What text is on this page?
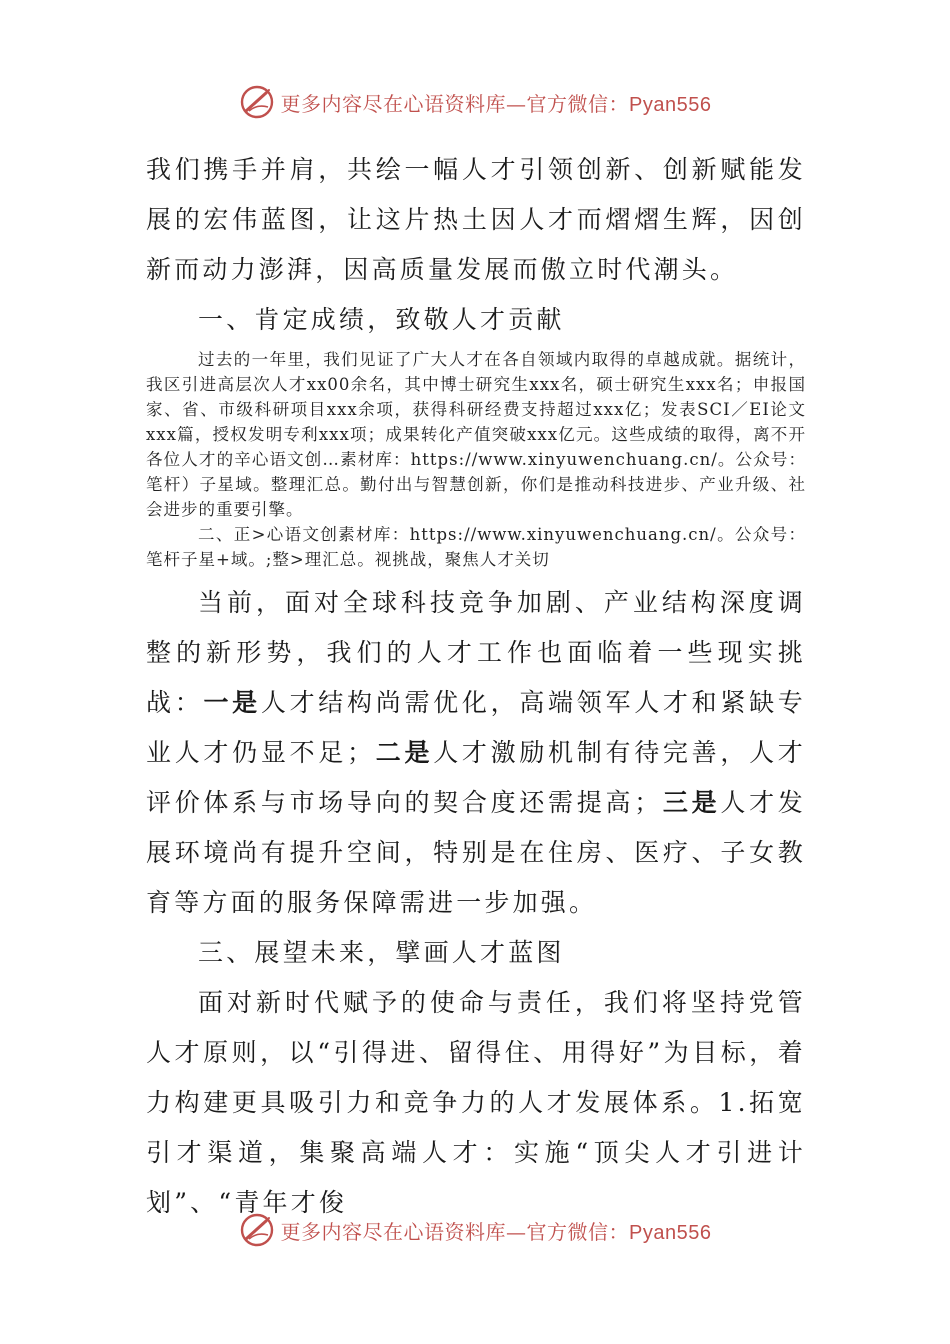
更多内容尽在心语资料库—官方微信：Pyan556

我们携手并肩，共绘一幅人才引领创新、创新赋能发展的宏伟蓝图，让这片热土因人才而熠熠生辉，因创新而动力澎湃，因高质量发展而傲立时代潮头。

一、肯定成绩，致敬人才贡献

过去的一年里，我们见证了广大人才在各自领域内取得的卓越成就。据统计，我区引进高层次人才xx00余名，其中博士研究生xxx名，硕士研究生xxx名；申报国家、省、市级科研项目xxx余项，获得科研经费支持超过xxx亿；发表SCI／EI论文xxx篇，授权发明专利xxx项；成果转化产值突破xxx亿元。这些成绩的取得，离不开各位人才的辛心语文创…素材库：https://www.xinyuwenchuang.cn/。公众号：笔杆）子星域。整理汇总。勤付出与智慧创新，你们是推动科技进步、产业升级、社会进步的重要引擎。

二、正>心语文创素材库：https://www.xinyuwenchuang.cn/。公众号：笔杆子星+域。;整>理汇总。视挑战，聚焦人才关切

当前，面对全球科技竞争加剧、产业结构深度调整的新形势，我们的人才工作也面临着一些现实挑战：一是人才结构尚需优化，高端领军人才和紧缺专业人才仍显不足；二是人才激励机制有待完善，人才评价体系与市场导向的契合度还需提高；三是人才发展环境尚有提升空间，特别是在住房、医疗、子女教育等方面的服务保障需进一步加强。

三、展望未来，擘画人才蓝图

面对新时代赋予的使命与责任，我们将坚持党管人才原则，以“引得进、留得住、用得好”为目标，着力构建更具吸引力和竞争力的人才发展体系。1.拓宽引才渠道，集聚高端人才：实施“顶尖人才引进计划”、“青年才俊

更多内容尽在心语资料库—官方微信：Pyan556
